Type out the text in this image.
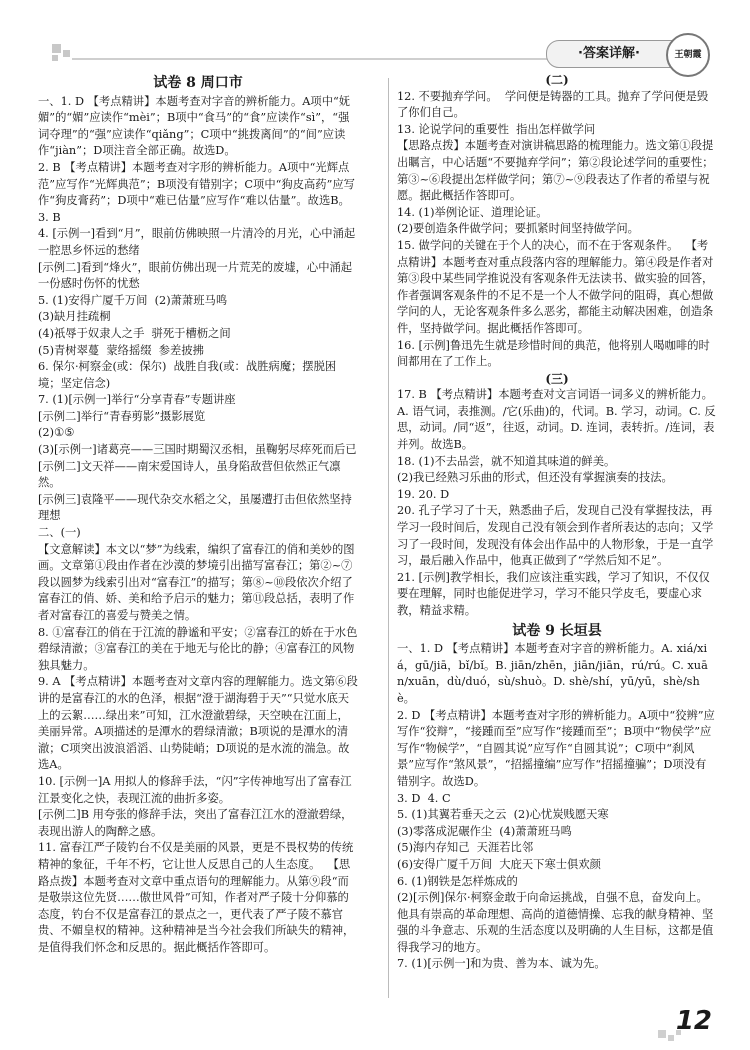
·答案详解·	王朝霞

试卷 8 周口市

一、1. D 【考点精讲】本题考查对字音的辨析能力。A项中“妩媚”的“媚”应读作“mèi”；B项中“食马”的“食”应读作“sì”，“强词夺理”的“强”应读作“qiǎng”；C项中“挑拨离间”的“间”应读作“jiàn”；D项注音全部正确。故选D。

2. B 【考点精讲】本题考查对字形的辨析能力。A项中“光辉点范”应写作“光辉典范”；B项没有错别字；C项中“狗皮高药”应写作“狗皮膏药”；D项中“难已估量”应写作“难以估量”。故选B。

3. B

4. [示例一]看到“月”，眼前仿佛映照一片清冷的月光，心中涌起一腔思乡怀远的愁绪

[示例二]看到“烽火”，眼前仿佛出现一片荒芜的废墟，心中涌起一份感时伤怀的忧愁

5. (1)安得广厦千万间  (2)萧萧班马鸣

(3)缺月挂疏桐

(4)祇辱于奴隶人之手  骈死于槽枥之间

(5)青树翠蔓  蒙络摇缀  参差披拂

6. 保尔·柯察金(或：保尔)  战胜自我(或：战胜病魔；摆脱困境；坚定信念)

7. (1)[示例一]举行“分享青春”专题讲座

[示例二]举行“青春剪影”摄影展览

(2)①⑤

(3)[示例一]诸葛亮——三国时期蜀汉丞相，虽鞠躬尽瘁死而后已

[示例二]文天祥——南宋爱国诗人，虽身陷敌营但依然正气凛然。

[示例三]袁隆平——现代杂交水稻之父，虽屡遭打击但依然坚持理想

二、(一)

【文意解读】本文以“梦”为线索，编织了富春江的俏和美妙的图画。文章第①段由作者在沙漠的梦境引出描写富春江；第②~⑦段以圆梦为线索引出对“富春江”的描写；第⑧~⑩段依次介绍了富春江的俏、娇、美和给予启示的魅力；第⑪段总括，表明了作者对富春江的喜爱与赞美之情。

8. ①富春江的俏在于江流的静谧和平安；②富春江的娇在于水色碧绿清澈；③富春江的美在于地无与伦比的静；④富春江的风物独具魅力。

9. A 【考点精讲】本题考查对文章内容的理解能力。选文第⑥段讲的是富春江的水的色泽，根据“澄于湖海碧于天”“只觉水底天上的云絮……绿出来”可知，江水澄澈碧绿，天空映在江面上，美丽异常。A项描述的是潭水的碧绿清澈；B项说的是潭水的清澈；C项突出波浪滔滔、山势陡峭；D项说的是水流的湍急。故选A。

10. [示例一]A 用拟人的修辞手法，“闪”字传神地写出了富春江江景变化之快，表现江流的曲折多姿。

[示例二]B 用夸张的修辞手法，突出了富春江江水的澄澈碧绿，表现出游人的陶醉之感。

11. 富春江严子陵钓台不仅是美丽的风景，更是不畏权势的传统精神的象征，千年不朽，它让世人反思自己的人生态度。  【思路点拨】本题考查对文章中重点语句的理解能力。从第⑨段“而是敬崇这位先贤……傲世风骨”可知，作者对严子陵十分仰慕的态度，钓台不仅是富春江的景点之一，更代表了严子陵不慕官贵、不媚皇权的精神。这种精神是当今社会我们所缺失的精神，是值得我们怀念和反思的。据此概括作答即可。

(二)

12. 不要抛弃学问。  学问便是铸器的工具。抛弃了学问便是毁了你们自己。

13. 论说学问的重要性  指出怎样做学问

【思路点拨】本题考查对演讲稿思路的梳理能力。选文第①段提出瞩言，中心话题“不要抛弃学问”；第②段论述学问的重要性；第③~⑥段提出怎样做学问；第⑦~⑨段表达了作者的希望与祝愿。据此概括作答即可。

14. (1)举例论证、道理论证。

(2)要创造条件做学问；要抓紧时间坚持做学问。

15. 做学问的关键在于个人的决心，而不在于客观条件。  【考点精讲】本题考查对重点段落内容的理解能力。第④段是作者对第③段中某些同学推说没有客观条件无法读书、做实验的回答，作者强调客观条件的不足不是一个人不做学问的阻碍，真心想做学问的人，无论客观条件多么恶劣，都能主动解决困难，创造条件，坚持做学问。据此概括作答即可。

16. [示例]鲁迅先生就是珍惜时间的典范，他将别人喝咖啡的时间都用在了工作上。

(三)

17. B 【考点精讲】本题考查对文言词语一词多义的辨析能力。A. 语气词，表推测。/它(乐曲)的，代词。B. 学习，动词。C. 反思，动词。/同“返”，往返，动词。D. 连词，表转折。/连词，表并列。故选B。

18. (1)不去品尝，就不知道其味道的鲜美。

(2)我已经熟习乐曲的形式，但还没有掌握演奏的技法。

19. 20. D

20. 孔子学习了十天，熟悉曲子后，发现自己没有掌握技法，再学习一段时间后，发现自己没有领会到作者所表达的志向；又学习了一段时间，发现没有体会出作品中的人物形象，于是一直学习，最后融入作品中，他真正做到了“学然后知不足”。

21. [示例]教学相长，我们应该注重实践，学习了知识，不仅仅要在理解，同时也能促进学习，学习不能只学皮毛，要虚心求教，精益求精。

试卷 9 长垣县

一、1. D 【考点精讲】本题考查对字音的辨析能力。A. xiá/xiá，gū/jiā，bǐ/bǐ。B. jiān/zhēn，jiān/jiān，rú/rú。C. xuān/xuān，dù/duó，sù/shuò。D. shè/shí，yū/yū，shè/shè。

2. D 【考点精讲】本题考查对字形的辨析能力。A项中“狡辨”应写作“狡辩”，“接踵而至”应写作“接踵而至”；B项中“物侯学”应写作“物候学”，“自圆其说”应写作“自圆其说”；C项中“刹风景”应写作“煞风景”，“招摇撞编”应写作“招摇撞骗”；D项没有错别字。故选D。

3. D  4. C

5. (1)其翼若垂天之云  (2)心忧炭贱愿天寒

(3)零落成泥碾作尘  (4)萧萧班马鸣

(5)海内存知己  天涯若比邻

(6)安得广厦千万间  大庇天下寒士俱欢颜

6. (1)钢铁是怎样炼成的

(2)[示例]保尔·柯察金敢于向命运挑战，自强不息，奋发向上。他具有崇高的革命理想、高尚的道德情操、忘我的献身精神、坚强的斗争意志、乐观的生活态度以及明确的人生目标，这都是值得我学习的地方。

7. (1)[示例一]和为贵、善为本、诚为先。

12
